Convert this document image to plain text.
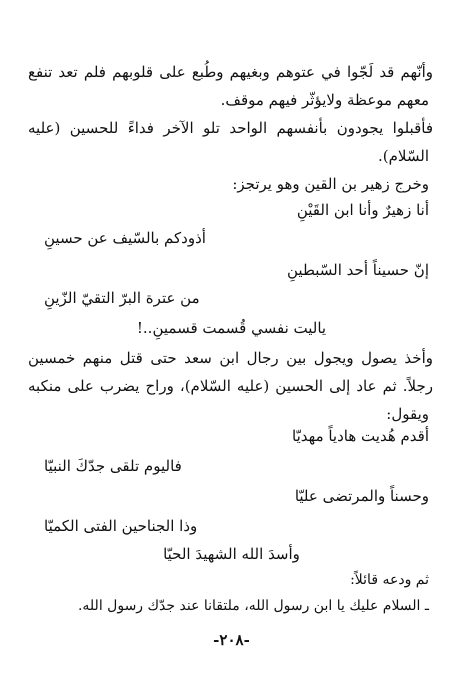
وأنّهم قد لَجّوا في عتوهم وبغيهم وطُبع على قلوبهم فلم تعد تنفع
معهم موعظة ولايؤثّر فيهم موقف.
فأقبلوا يجودون بأنفسهم الواحد تلو الآخر فداءً للحسين (عليه
السّلام).
وخرج زهير بن القين وهو يرتجز:
أنا زهيرٌ وأنا ابن القَيْنِ
أذودكم بالسّيف عن حسينِ
إنّ حسيناً أحد السّبطينِ
من عترة البرّ التقيّ الزّينِ
ياليت نفسي قُسمت قسمينِ..!
وأخذ يصول ويجول بين رجال ابن سعد حتى قتل منهم خمسين
رجلاً. ثم عاد إلى الحسين (عليه السّلام)، وراح يضرب على منكبه
ويقول:
أقدم هُديت هادياً مهديّا
فاليوم تلقى جدّكَ النبيّا
وحسناً والمرتضى عليّا
وذا الجناحين الفتى الكميّا
وأسدَ الله الشهيدَ الحيّا
ثم ودعه قائلاً:
ـ السلام عليك يا ابن رسول الله، ملتقانا عند جدّك رسول الله.
-٢٠٨-
